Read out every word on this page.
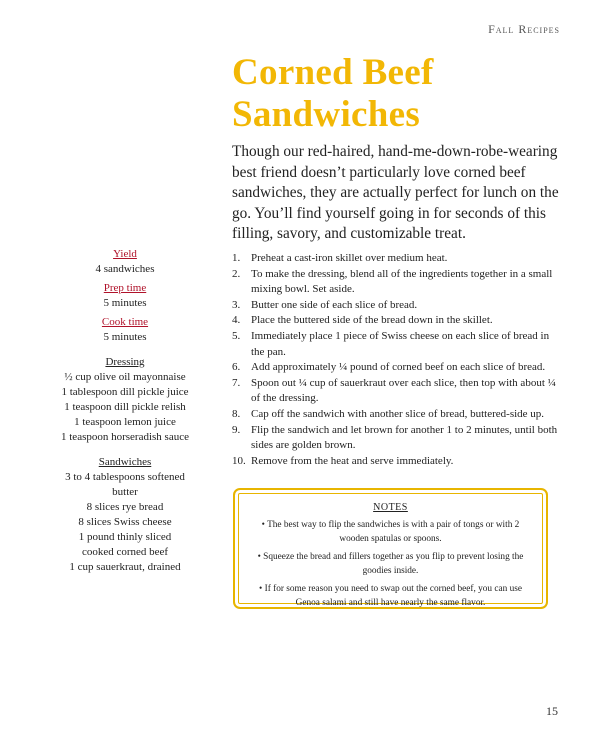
Fall Recipes
Corned Beef Sandwiches

Though our red-haired, hand-me-down-robe-wearing best friend doesn’t particularly love corned beef sandwiches, they are actually perfect for lunch on the go. You’ll find yourself going in for seconds of this filling, savory, and customizable treat.

Yield
4 sandwiches
Prep time
5 minutes
Cook time
5 minutes
Dressing
½ cup olive oil mayonnaise
1 tablespoon dill pickle juice
1 teaspoon dill pickle relish
1 teaspoon lemon juice
1 teaspoon horseradish sauce
Sandwiches
3 to 4 tablespoons softened butter
8 slices rye bread
8 slices Swiss cheese
1 pound thinly sliced cooked corned beef
1 cup sauerkraut, drained
1. Preheat a cast-iron skillet over medium heat.
2. To make the dressing, blend all of the ingredients together in a small mixing bowl. Set aside.
3. Butter one side of each slice of bread.
4. Place the buttered side of the bread down in the skillet.
5. Immediately place 1 piece of Swiss cheese on each slice of bread in the pan.
6. Add approximately ¼ pound of corned beef on each slice of bread.
7. Spoon out ¼ cup of sauerkraut over each slice, then top with about ¼ of the dressing.
8. Cap off the sandwich with another slice of bread, buttered-side up.
9. Flip the sandwich and let brown for another 1 to 2 minutes, until both sides are golden brown.
10. Remove from the heat and serve immediately.
NOTES
• The best way to flip the sandwiches is with a pair of tongs or with 2 wooden spatulas or spoons.
• Squeeze the bread and fillers together as you flip to prevent losing the goodies inside.
• If for some reason you need to swap out the corned beef, you can use Genoa salami and still have nearly the same flavor.
15
